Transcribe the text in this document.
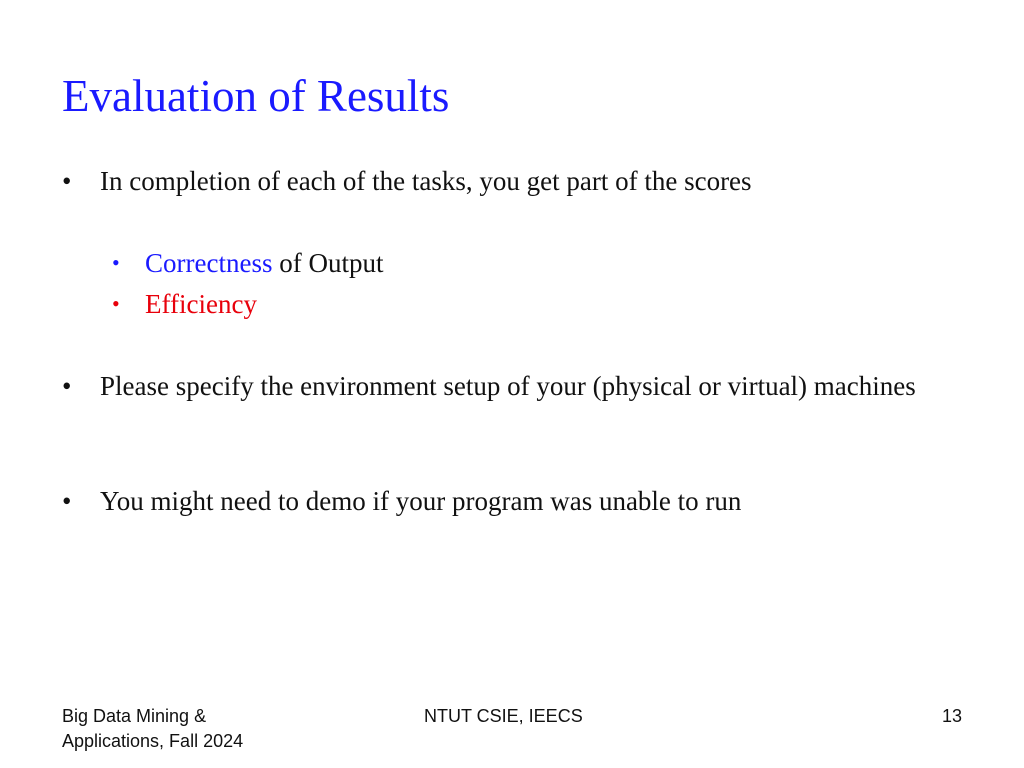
Evaluation of Results
•	In completion of each of the tasks, you get part of the scores
• Correctness of Output
• Efficiency
•	Please specify the environment setup of your (physical or virtual) machines
•	You might need to demo if your program was unable to run
Big Data Mining &
Applications, Fall 2024
NTUT CSIE, IEECS	13
